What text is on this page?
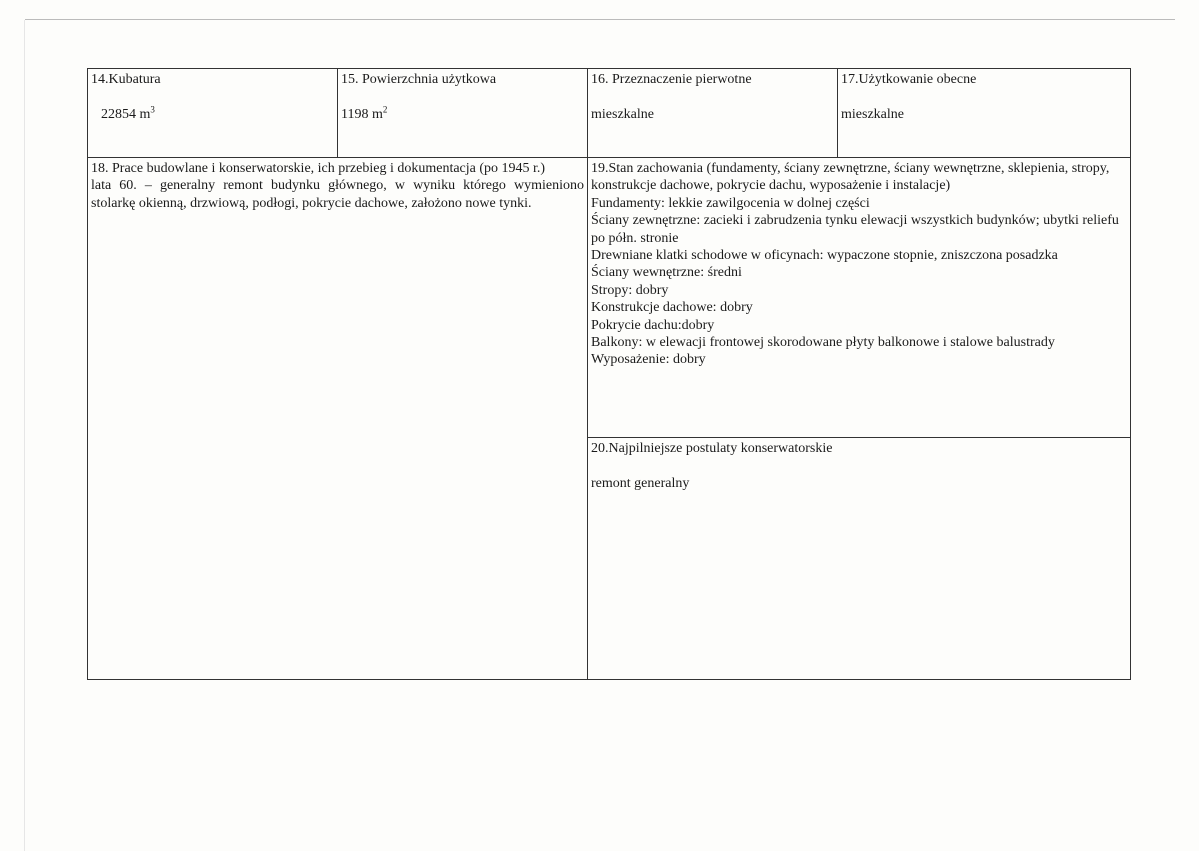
14.Kubatura
22854 $m^3$
15. Powierzchnia użytkowa
1198 $m^2$
16. Przeznaczenie pierwotne
mieszkalne
17.Użytkowanie obecne
mieszkalne
18. Prace budowlane i konserwatorskie, ich przebieg i dokumentacja (po 1945 r.)
lata 60. – generalny remont budynku głównego, w wyniku którego wymieniono stolarkę okienną, drzwiową, podłogi, pokrycie dachowe, założono nowe tynki.
19.Stan zachowania (fundamenty, ściany zewnętrzne, ściany wewnętrzne, sklepienia, stropy, konstrukcje dachowe, pokrycie dachu, wyposażenie i instalacje)
Fundamenty: lekkie zawilgocenia w dolnej części
Ściany zewnętrzne: zacieki i zabrudzenia tynku elewacji wszystkich budynków; ubytki reliefu po półn. stronie
Drewniane klatki schodowe w oficynach: wypaczone stopnie, zniszczona posadzka
Ściany wewnętrzne: średni
Stropy: dobry
Konstrukcje dachowe: dobry
Pokrycie dachu:dobry
Balkony: w elewacji frontowej skorodowane płyty balkonowe i stalowe balustrady
Wyposażenie: dobry
20.Najpilniejsze postulaty konserwatorskie
remont generalny
